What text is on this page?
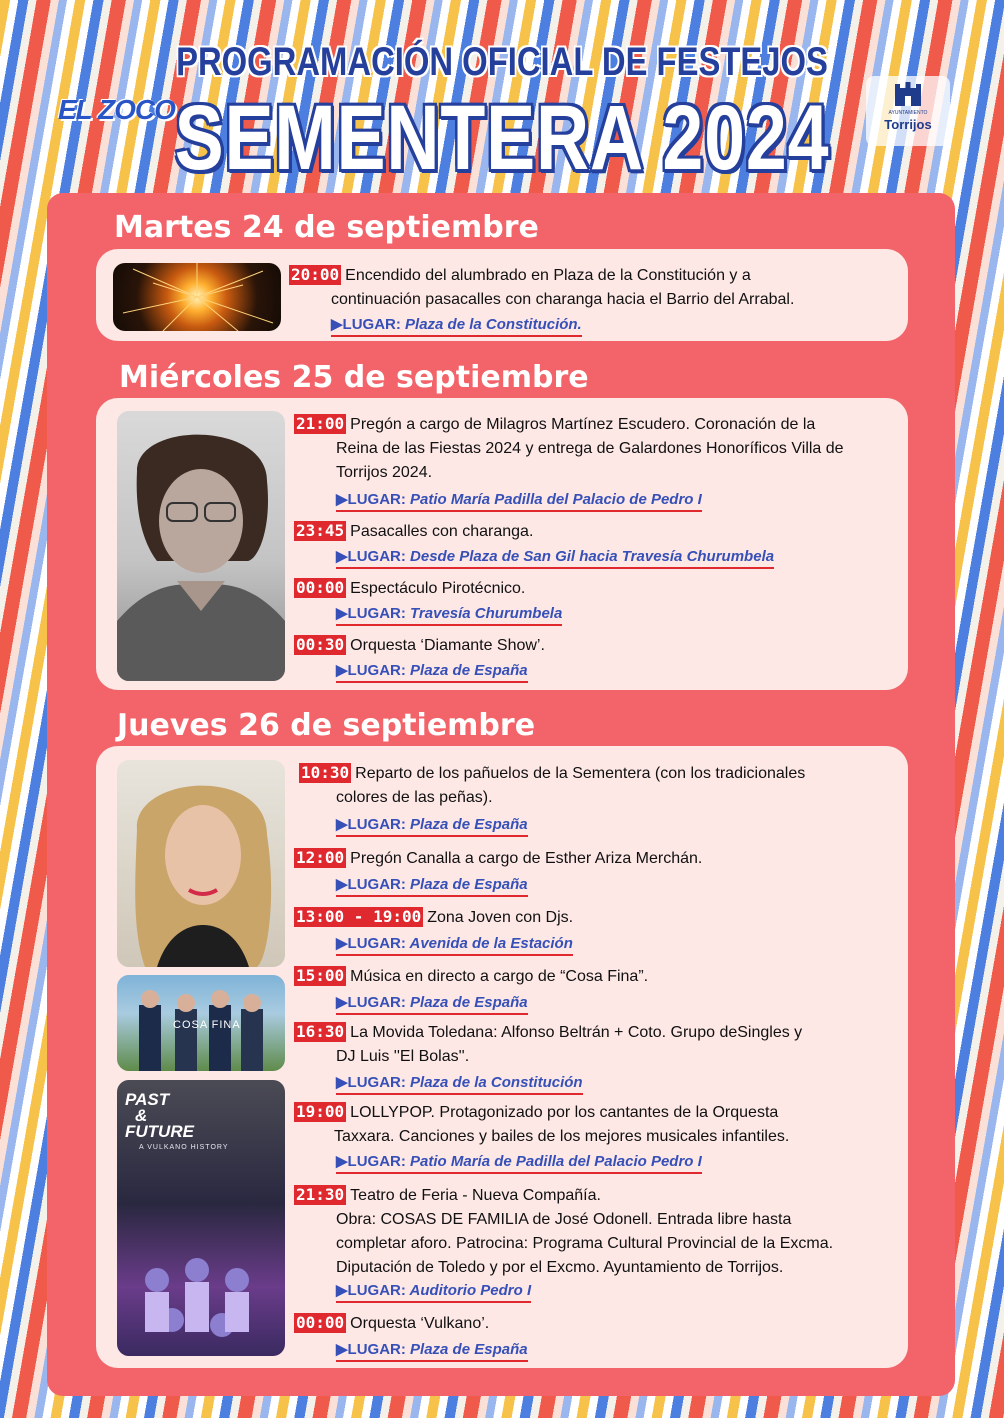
EL ZOCO
PROGRAMACIÓN OFICIAL DE FESTEJOS
SEMENTERA 2024	AYUNTAMIENTO
Torrijos
Martes 24 de septiembre
20:00 Encendido del alumbrado en Plaza de la Constitución y a
continuación pasacalles con charanga hacia el Barrio del Arrabal.
▶LUGAR: Plaza de la Constitución.
Miércoles 25 de septiembre
21:00 Pregón a cargo de Milagros Martínez Escudero. Coronación de la
Reina de las Fiestas 2024 y entrega de Galardones Honoríficos Villa de
Torrijos 2024.
▶LUGAR: Patio María Padilla del Palacio de Pedro I
23:45 Pasacalles con charanga.
▶LUGAR: Desde Plaza de San Gil hacia Travesía Churumbela
00:00 Espectáculo Pirotécnico.
▶LUGAR: Travesía Churumbela
00:30 Orquesta ‘Diamante Show’.
▶LUGAR: Plaza de España
Jueves 26 de septiembre
COSA FINA
PAST
&
FUTURE
A VULKANO HISTORY
10:30 Reparto de los pañuelos de la Sementera (con los tradicionales
colores de las peñas).
▶LUGAR: Plaza de España
12:00 Pregón Canalla a cargo de Esther Ariza Merchán.
▶LUGAR: Plaza de España
13:00 - 19:00 Zona Joven con Djs.
▶LUGAR: Avenida de la Estación
15:00 Música en directo a cargo de “Cosa Fina”.
▶LUGAR: Plaza de España
16:30 La Movida Toledana: Alfonso Beltrán + Coto. Grupo deSingles y
DJ Luis ''El Bolas''.
▶LUGAR: Plaza de la Constitución
19:00 LOLLYPOP. Protagonizado por los cantantes de la Orquesta
Taxxara. Canciones y bailes de los mejores musicales infantiles.
▶LUGAR: Patio María de Padilla del Palacio Pedro I
21:30 Teatro de Feria - Nueva Compañía.
Obra: COSAS DE FAMILIA de José Odonell. Entrada libre hasta
completar aforo. Patrocina: Programa Cultural Provincial de la Excma.
Diputación de Toledo y por el Excmo. Ayuntamiento de Torrijos.
▶LUGAR: Auditorio Pedro I
00:00 Orquesta ‘Vulkano’.
▶LUGAR: Plaza de España
